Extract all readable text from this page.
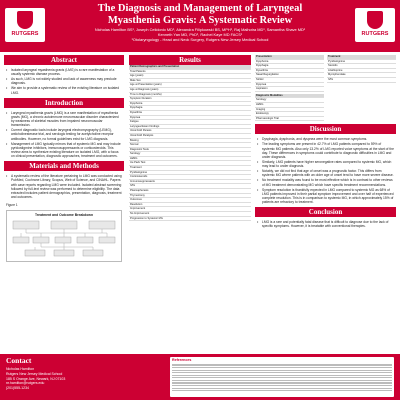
RUTGERS
The Diagnosis and Management of Laryngeal
Myasthenia Gravis: A Systematic Review
Nicholas Hamilton BS¹, Joseph Celidonio MD¹, Alexandra Filipkowski BS, MPH¹, Raj Malhotra MD¹, Samantha Shave MD¹
Kenneth Yan MD, PhD¹, Rachel Kaye MD FACS¹
¹Otolaryngology - Head and Neck Surgery, Rutgers New Jersey Medical School
RUTGERS
Abstract
• Isolated laryngeal myasthenia gravis (LMG) is a rare manifestation of a usually systemic disease process.
• As such, LMG is not widely studied and lack of awareness may preclude diagnosis.
• We aim to provide a systematic review of the existing literature on isolated LMG.
Introduction
• Laryngeal myasthenia gravis (LMG) is a rare manifestation of myasthenia gravis (MG), a chronic autoimmune neuromuscular disorder characterized by weakness of skeletal muscles from impaired neuromuscular transmission.
• Current diagnostic tools include laryngeal electromyography (LEMG), anticholinesterase trial, and serologic testing for acetylcholine receptor antibodies. However, no formal guidelines exist for LMG diagnosis.
• Management of LMG typically mirrors that of systemic MG and may include pyridostigmine inhibitors, immunosuppressants or corticosteroids. This review aims to synthesize existing literature on isolated LMG, with a focus on clinical presentation, diagnostic approaches, treatment and outcomes.
Materials and Methods
• A systematic review of the literature pertaining to LMG was conducted using PubMed, Cochrane Library, Scopus, Web of Science, and CINAHL. Papers with case reports regarding LMG were included. Isolated abstract screening followed by full-text review was performed to determine eligibility. The data extracted includes patient demographics, presentation, diagnosis, treatment and outcomes.
Figure 1
Treatment and Outcome Breakdown
Results
Patient Demographics and Presentation	
Total Patients	
Age (years)	
Male Sex	
Age at Presentation (years)	
Age at Diagnosis (years)	
Time to Diagnosis (months)	
Symptom Duration	
Dysphonia	
Dysphagia	
Dysarthria	
Dyspnea	
Fatigue	
Laryngeal Exam Findings	
Vocal Fold Paresis	
Vocal Fold Paralysis	
Bowing	
Normal	
Diagnostic Tests	
Serology	
LEMG	
Ice Pack Test	
Treatment	
Pyridostigmine	
Corticosteroids	
Immunosuppressants	
IVIG	
Plasmapheresis	
Thymectomy	
Outcomes	
Resolution	
Improvement	
No Improvement	
Progression to Systemic MG	
Presentation	
Dysphonia	
Dysphagia	
Dysarthria	
Nasal Regurgitation	
Stridor	
Dyspnea	
Aspiration	
Diagnostic Modalities	
Serology	
LEMG	
Imaging	
Endoscopy	
Pharmacologic Trial	
Treatment	
Pyridostigmine	
Steroids	
Azathioprine	
Mycophenolate	
IVIG	
Discussion
• Dysphagia, dysphonia, and dyspnea were the most common symptoms.
• The leading symptoms are present in 42.7% of LMG patients compared to 59% of systemic MG patients. Also only 13.2% of LMG reported voice symptoms at the start of the day. These differences in symptoms could contribute to diagnostic difficulties in LMG and under diagnosis.
• Similarly, LMG patients have higher seronegative rates compared to systemic MG, which may lead to under diagnosis.
• Notably, we did not find that age of onset was a prognostic factor. This differs from systemic MG where patients with an older age of onset tend to have more severe disease.
• No treatment modality was found to be most effective which is in contrast to other reviews of MG treatment demonstrating MG which have specific treatment recommendations.
• Symptom resolution is thankfully expected in LMG compared to systemic MG as 68% of LMG patients improved in their partial symptom improvement and over half of experienced complete resolution. This is in comparison to systemic MG, in which approximately 15% of patients are refractory to treatment.
Conclusion
• LMG is a rare and potentially fatal disease that is difficult to diagnose due to the lack of specific symptoms. However, it is treatable with conventional therapies.
Contact
Nicholas Hamilton
Rutgers New Jersey Medical School
185 S Orange Ave, Newark, NJ 07103
nr.hamilton@rutgers.edu
(201)555-1234
References
